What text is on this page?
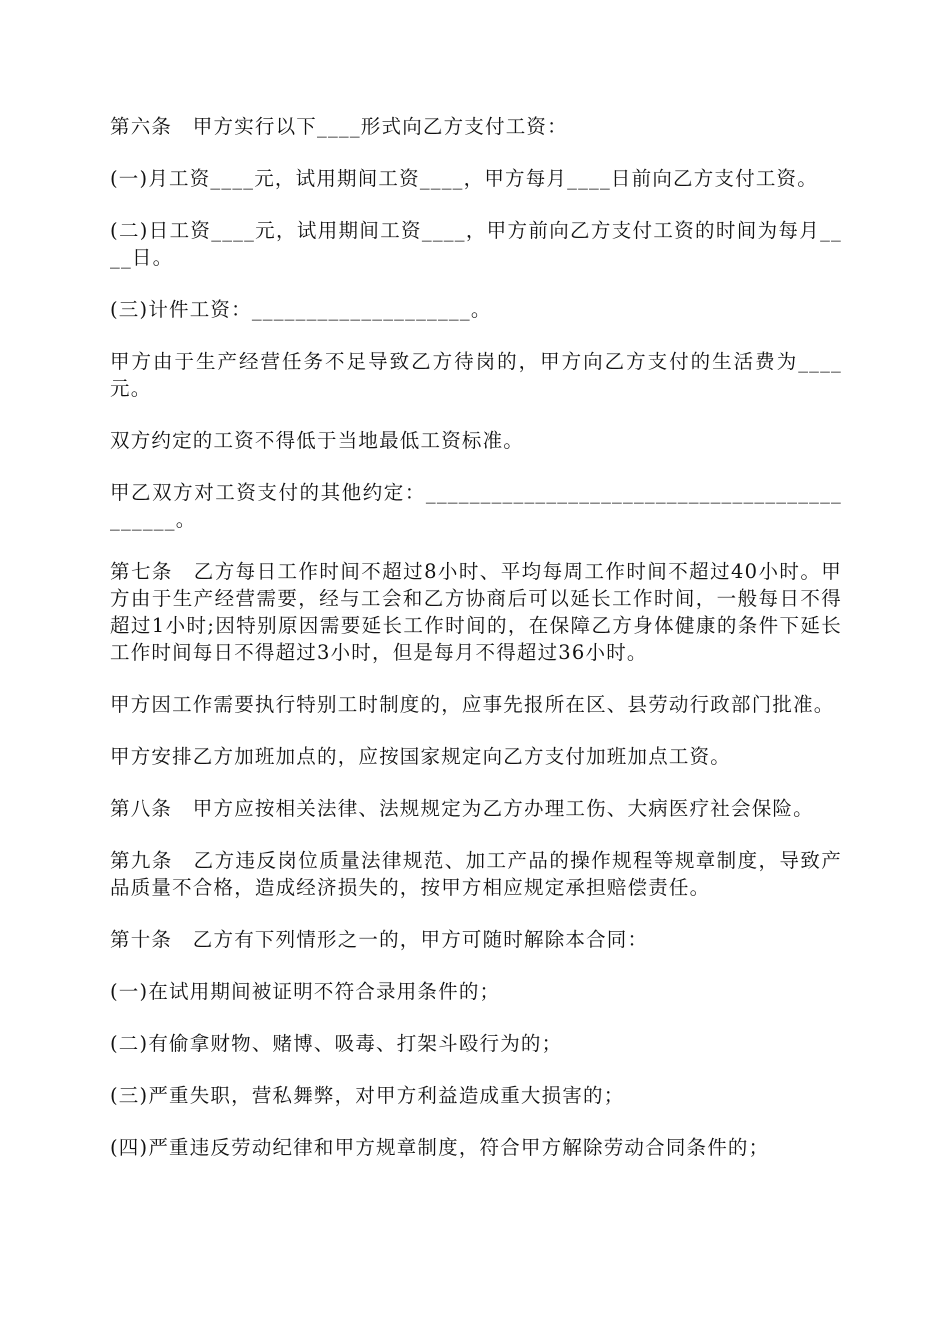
第六条　甲方实行以下____形式向乙方支付工资：

(一)月工资____元，试用期间工资____，甲方每月____日前向乙方支付工资。

(二)日工资____元，试用期间工资____，甲方前向乙方支付工资的时间为每月____日。

(三)计件工资：____________________。

甲方由于生产经营任务不足导致乙方待岗的，甲方向乙方支付的生活费为____元。

双方约定的工资不得低于当地最低工资标准。

甲乙双方对工资支付的其他约定：____________________________________________。

第七条　乙方每日工作时间不超过8小时、平均每周工作时间不超过40小时。甲方由于生产经营需要，经与工会和乙方协商后可以延长工作时间，一般每日不得超过1小时;因特别原因需要延长工作时间的，在保障乙方身体健康的条件下延长工作时间每日不得超过3小时，但是每月不得超过36小时。

甲方因工作需要执行特别工时制度的，应事先报所在区、县劳动行政部门批准。

甲方安排乙方加班加点的，应按国家规定向乙方支付加班加点工资。

第八条　甲方应按相关法律、法规规定为乙方办理工伤、大病医疗社会保险。

第九条　乙方违反岗位质量法律规范、加工产品的操作规程等规章制度，导致产品质量不合格，造成经济损失的，按甲方相应规定承担赔偿责任。

第十条　乙方有下列情形之一的，甲方可随时解除本合同：

(一)在试用期间被证明不符合录用条件的；

(二)有偷拿财物、赌博、吸毒、打架斗殴行为的；

(三)严重失职，营私舞弊，对甲方利益造成重大损害的；

(四)严重违反劳动纪律和甲方规章制度，符合甲方解除劳动合同条件的；
